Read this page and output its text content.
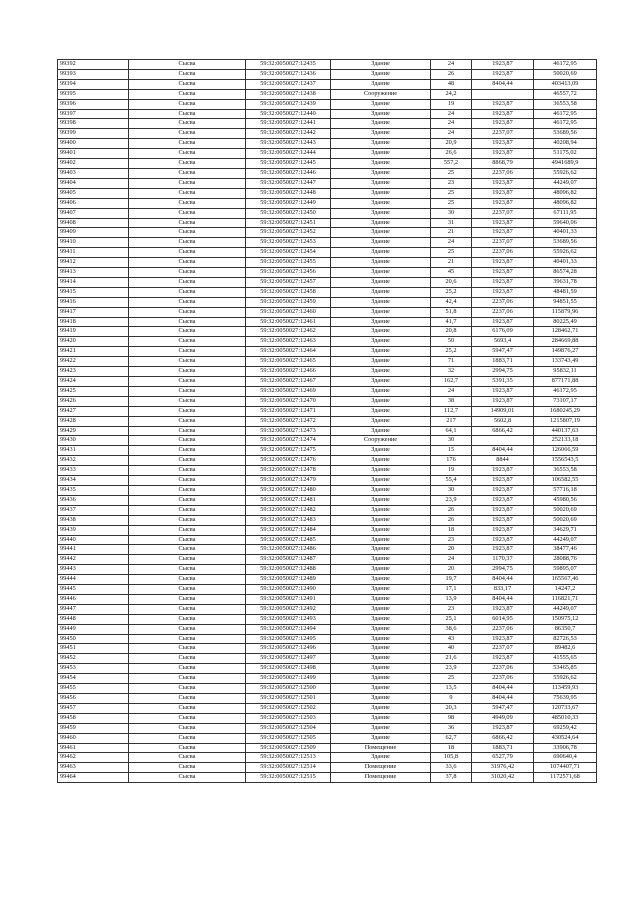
99392	Сысва	59:32:0050027:12435	Здание	24	1923,87	46172,95
99393	Сысва	59:32:0050027:12436	Здание	26	1923,87	50020,69
99394	Сысва	59:32:0050027:12437	Здание	48	8404,44	403413,09
99395	Сысва	59:32:0050027:12438	Сооружение	24,2		46557,72
99396	Сысва	59:32:0050027:12439	Здание	19	1923,87	36553,58
99397	Сысва	59:32:0050027:12440	Здание	24	1923,87	46172,95
99398	Сысва	59:32:0050027:12441	Здание	24	1923,87	46172,95
99399	Сысва	59:32:0050027:12442	Здание	24	2237,07	53689,56
99400	Сысва	59:32:0050027:12443	Здание	20,9	1923,87	40208,94
99401	Сысва	59:32:0050027:12444	Здание	26,6	1923,87	51175,02
99402	Сысва	59:32:0050027:12445	Здание	557,2	8868,79	4941689,9
99403	Сысва	59:32:0050027:12446	Здание	25	2237,06	55926,62
99404	Сысва	59:32:0050027:12447	Здание	23	1923,87	44249,07
99405	Сысва	59:32:0050027:12448	Здание	25	1923,87	48096,82
99406	Сысва	59:32:0050027:12449	Здание	25	1923,87	48096,82
99407	Сысва	59:32:0050027:12450	Здание	30	2237,07	67111,95
99408	Сысва	59:32:0050027:12451	Здание	31	1923,87	59640,06
99409	Сысва	59:32:0050027:12452	Здание	21	1923,87	40401,33
99410	Сысва	59:32:0050027:12453	Здание	24	2237,07	53689,56
99411	Сысва	59:32:0050027:12454	Здание	25	2237,06	55926,62
99412	Сысва	59:32:0050027:12455	Здание	21	1923,87	40401,33
99413	Сысва	59:32:0050027:12456	Здание	45	1923,87	86574,28
99414	Сысва	59:32:0050027:12457	Здание	20,6	1923,87	39631,78
99415	Сысва	59:32:0050027:12458	Здание	25,2	1923,87	48481,59
99416	Сысва	59:32:0050027:12459	Здание	42,4	2237,06	94851,55
99417	Сысва	59:32:0050027:12460	Здание	51,8	2237,06	115879,96
99418	Сысва	59:32:0050027:12461	Здание	41,7	1923,87	80225,49
99419	Сысва	59:32:0050027:12462	Здание	20,8	6176,09	128462,71
99420	Сысва	59:32:0050027:12463	Здание	50	5693,4	284669,88
99421	Сысва	59:32:0050027:12464	Здание	25,2	5947,47	149876,27
99422	Сысва	59:32:0050027:12465	Здание	71	1883,71	133743,49
99423	Сысва	59:32:0050027:12466	Здание	32	2994,75	95832,11
99424	Сысва	59:32:0050027:12467	Здание	162,7	5391,35	877171,88
99425	Сысва	59:32:0050027:12469	Здание	24	1923,87	46172,95
99426	Сысва	59:32:0050027:12470	Здание	38	1923,87	73107,17
99427	Сысва	59:32:0050027:12471	Здание	112,7	14909,01	1680245,29
99428	Сысва	59:32:0050027:12472	Здание	217	5602,8	1215807,19
99429	Сысва	59:32:0050027:12473	Здание	64,1	6866,42	440137,63
99430	Сысва	59:32:0050027:12474	Сооружение	30		252133,18
99431	Сысва	59:32:0050027:12475	Здание	15	8404,44	126066,59
99432	Сысва	59:32:0050027:12476	Здание	176	8844	1556543,5
99433	Сысва	59:32:0050027:12478	Здание	19	1923,87	36553,58
99434	Сысва	59:32:0050027:12479	Здание	55,4	1923,87	106582,55
99435	Сысва	59:32:0050027:12480	Здание	30	1923,87	57716,18
99436	Сысва	59:32:0050027:12481	Здание	23,9	1923,87	45980,56
99437	Сысва	59:32:0050027:12482	Здание	26	1923,87	50020,69
99438	Сысва	59:32:0050027:12483	Здание	26	1923,87	50020,69
99439	Сысва	59:32:0050027:12484	Здание	18	1923,87	34629,71
99440	Сысва	59:32:0050027:12485	Здание	23	1923,87	44249,07
99441	Сысва	59:32:0050027:12486	Здание	20	1923,87	38477,46
99442	Сысва	59:32:0050027:12487	Здание	24	1170,37	28088,76
99443	Сысва	59:32:0050027:12488	Здание	20	2994,75	59895,07
99444	Сысва	59:32:0050027:12489	Здание	19,7	8404,44	165567,46
99445	Сысва	59:32:0050027:12490	Здание	17,1	833,17	14247,2
99446	Сысва	59:32:0050027:12491	Здание	13,9	8404,44	116821,71
99447	Сысва	59:32:0050027:12492	Здание	23	1923,87	44249,07
99448	Сысва	59:32:0050027:12493	Здание	25,1	6014,95	150975,12
99449	Сысва	59:32:0050027:12494	Здание	38,6	2237,06	86350,7
99450	Сысва	59:32:0050027:12495	Здание	43	1923,87	82726,53
99451	Сысва	59:32:0050027:12496	Здание	40	2237,07	89482,6
99452	Сысва	59:32:0050027:12497	Здание	21,6	1923,87	41555,65
99453	Сысва	59:32:0050027:12498	Здание	23,9	2237,06	53465,85
99454	Сысва	59:32:0050027:12499	Здание	25	2237,06	55926,62
99455	Сысва	59:32:0050027:12500	Здание	13,5	8404,44	113459,93
99456	Сысва	59:32:0050027:12501	Здание	9	8404,44	75639,95
99457	Сысва	59:32:0050027:12502	Здание	20,3	5947,47	120733,67
99458	Сысва	59:32:0050027:12503	Здание	98	4949,09	485010,33
99459	Сысва	59:32:0050027:12504	Здание	36	1923,87	69259,42
99460	Сысва	59:32:0050027:12505	Здание	62,7	6866,42	430524,64
99461	Сысва	59:32:0050027:12509	Помещение	18	1883,71	33906,78
99462	Сысва	59:32:0050027:12513	Здание	105,8	6527,79	690640,4
99463	Сысва	59:32:0050027:12514	Помещение	33,6	31976,42	1074407,71
99464	Сысва	59:32:0050027:12515	Помещение	37,8	31020,42	1172571,68
